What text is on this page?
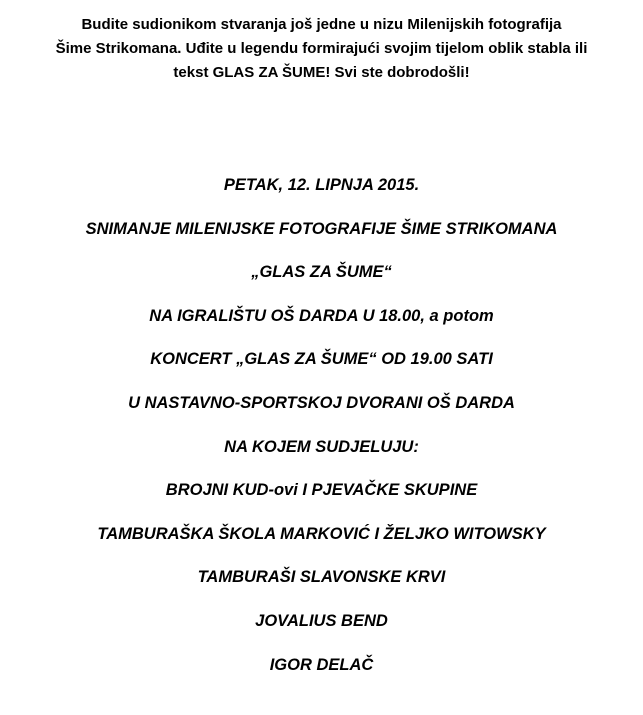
Budite sudionikom stvaranja još jedne u nizu Milenijskih fotografija
Šime Strikomana. Uđite u legendu formirajući svojim tijelom oblik stabla ili
tekst GLAS ZA ŠUME! Svi ste dobrodošli!
PETAK, 12. LIPNJA 2015.
SNIMANJE MILENIJSKE FOTOGRAFIJE ŠIME STRIKOMANA
„GLAS ZA ŠUME“
NA IGRALIŠTU OŠ DARDA U 18.00, a potom
KONCERT „GLAS ZA ŠUME“ OD 19.00 SATI
U NASTAVNO-SPORTSKOJ DVORANI OŠ DARDA
NA KOJEM SUDJELUJU:
BROJNI KUD-ovi I PJEVAČKE SKUPINE
TAMBURAŠKA ŠKOLA MARKOVIĆ I ŽELJKO WITOWSKY
TAMBURAŠI SLAVONSKE KRVI
JOVALIUS BEND
IGOR DELAČ
